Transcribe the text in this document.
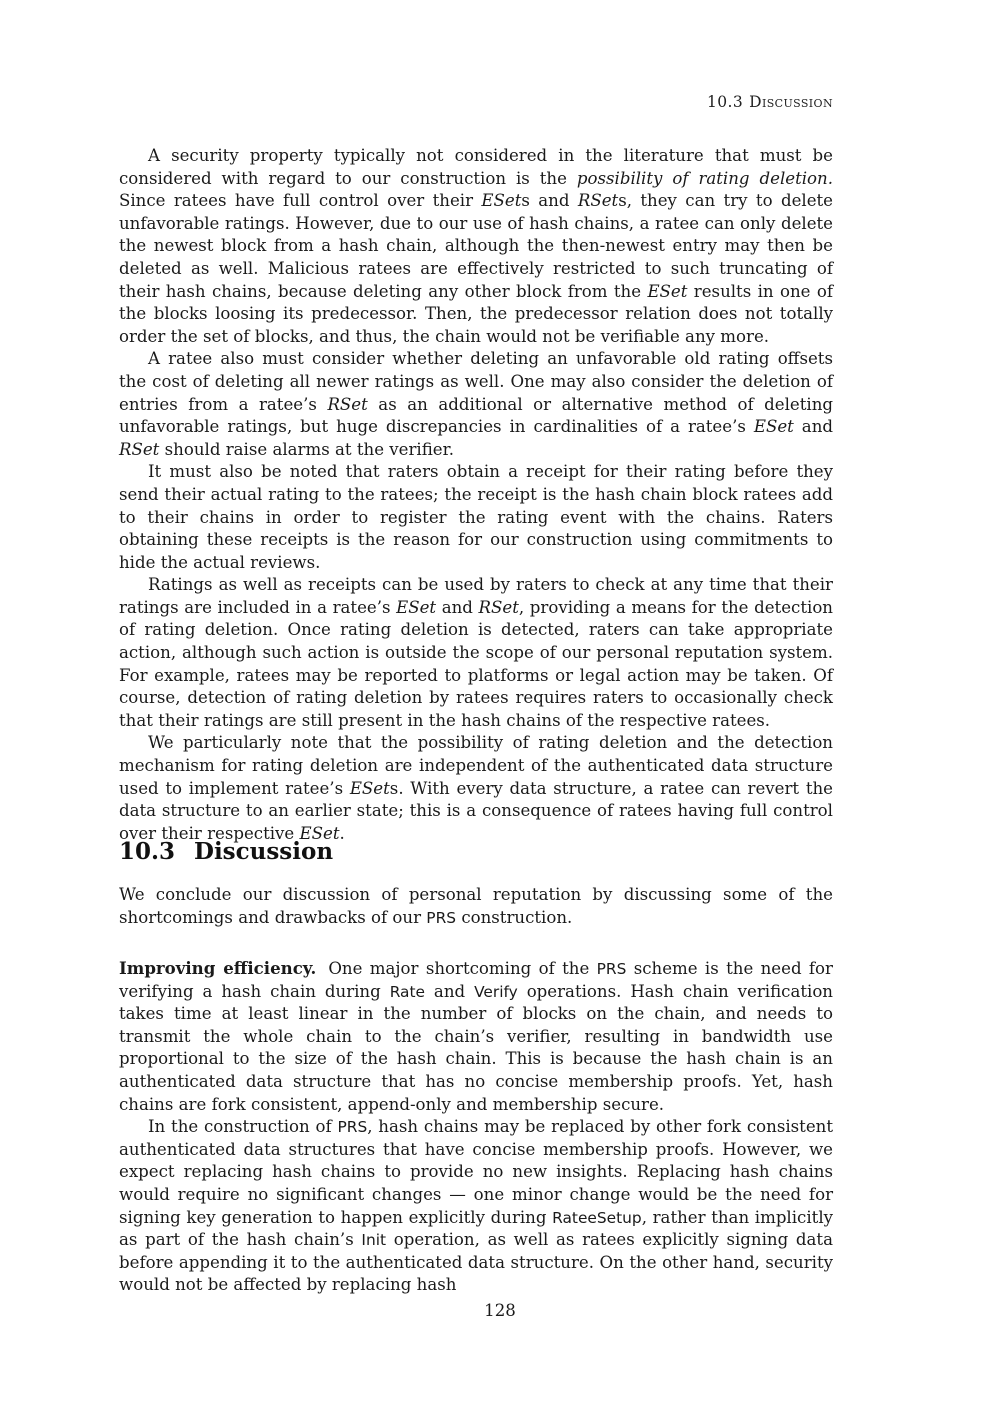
10.3 Discussion

A security property typically not considered in the literature that must be considered with regard to our construction is the possibility of rating deletion. Since ratees have full control over their ESets and RSets, they can try to delete unfavorable ratings. However, due to our use of hash chains, a ratee can only delete the newest block from a hash chain, although the then-newest entry may then be deleted as well. Malicious ratees are effectively restricted to such truncating of their hash chains, because deleting any other block from the ESet results in one of the blocks loosing its predecessor. Then, the predecessor relation does not totally order the set of blocks, and thus, the chain would not be verifiable any more.

A ratee also must consider whether deleting an unfavorable old rating offsets the cost of deleting all newer ratings as well. One may also consider the deletion of entries from a ratee’s RSet as an additional or alternative method of deleting unfavorable ratings, but huge discrepancies in cardinalities of a ratee’s ESet and RSet should raise alarms at the verifier.

It must also be noted that raters obtain a receipt for their rating before they send their actual rating to the ratees; the receipt is the hash chain block ratees add to their chains in order to register the rating event with the chains. Raters obtaining these receipts is the reason for our construction using commitments to hide the actual reviews.

Ratings as well as receipts can be used by raters to check at any time that their ratings are included in a ratee’s ESet and RSet, providing a means for the detection of rating deletion. Once rating deletion is detected, raters can take appropriate action, although such action is outside the scope of our personal reputation system. For example, ratees may be reported to platforms or legal action may be taken. Of course, detection of rating deletion by ratees requires raters to occasionally check that their ratings are still present in the hash chains of the respective ratees.

We particularly note that the possibility of rating deletion and the detection mechanism for rating deletion are independent of the authenticated data structure used to implement ratee’s ESets. With every data structure, a ratee can revert the data structure to an earlier state; this is a consequence of ratees having full control over their respective ESet.

10.3 Discussion

We conclude our discussion of personal reputation by discussing some of the shortcomings and drawbacks of our PRS construction.

Improving efficiency. One major shortcoming of the PRS scheme is the need for verifying a hash chain during Rate and Verify operations. Hash chain verification takes time at least linear in the number of blocks on the chain, and needs to transmit the whole chain to the chain’s verifier, resulting in bandwidth use proportional to the size of the hash chain. This is because the hash chain is an authenticated data structure that has no concise membership proofs. Yet, hash chains are fork consistent, append-only and membership secure.

In the construction of PRS, hash chains may be replaced by other fork consistent authenticated data structures that have concise membership proofs. However, we expect replacing hash chains to provide no new insights. Replacing hash chains would require no significant changes — one minor change would be the need for signing key generation to happen explicitly during RateeSetup, rather than implicitly as part of the hash chain’s Init operation, as well as ratees explicitly signing data before appending it to the authenticated data structure. On the other hand, security would not be affected by replacing hash

128
